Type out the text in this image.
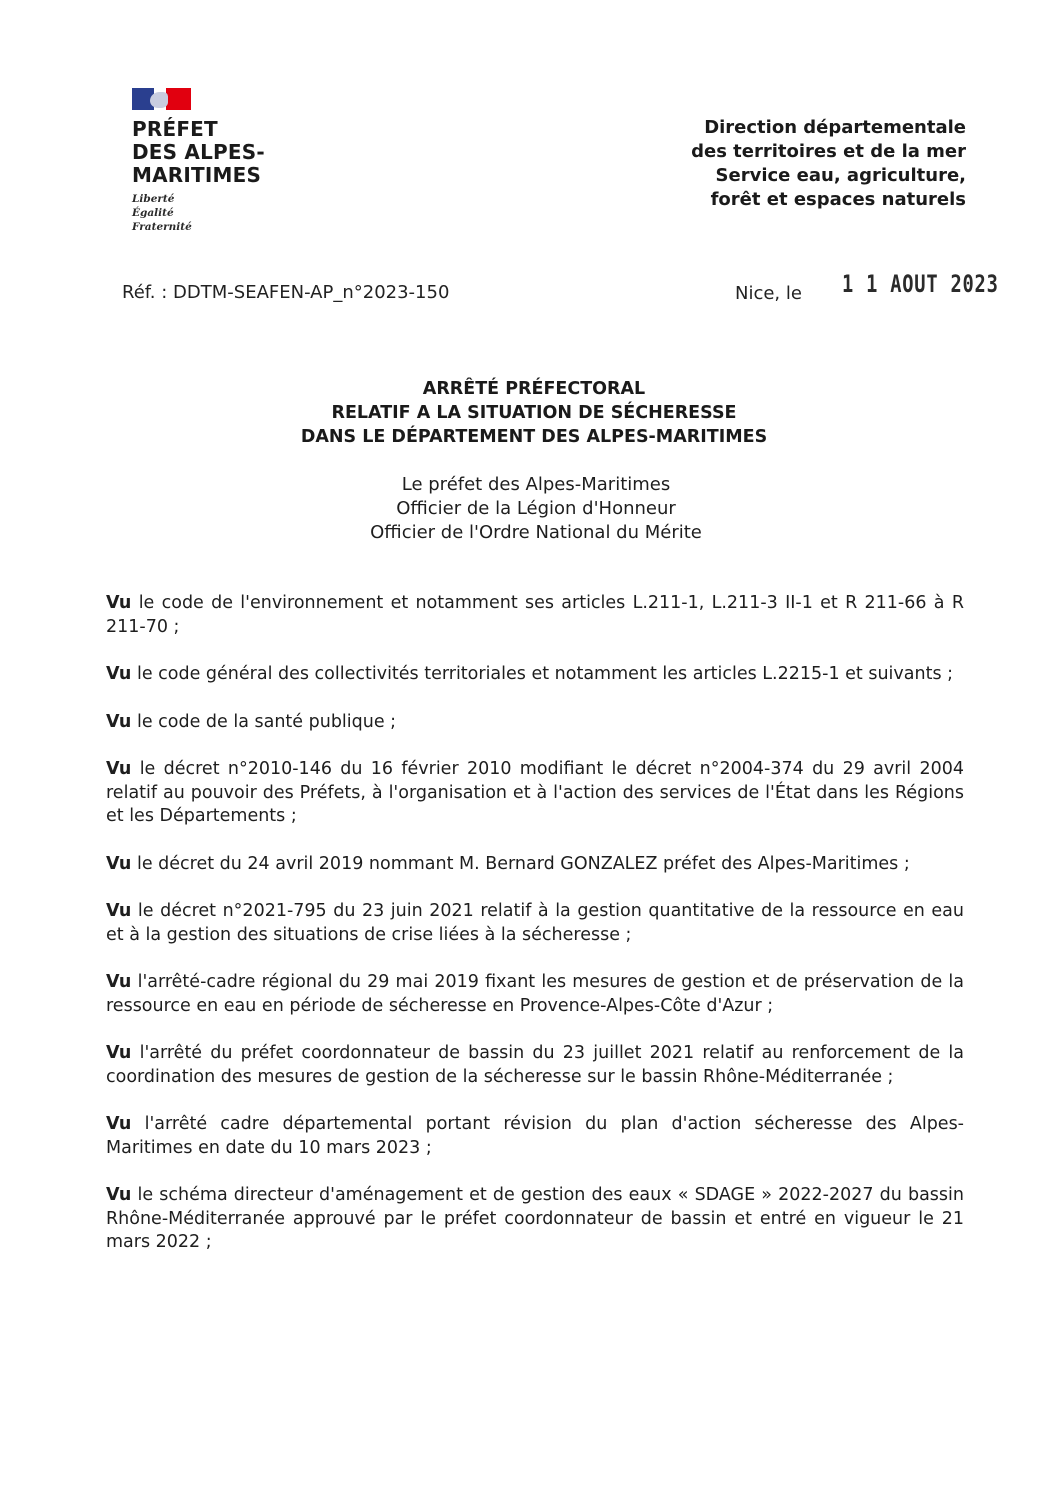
PRÉFET
DES ALPES-
MARITIMES
Liberté
Égalité
Fraternité
Direction départementale
des territoires et de la mer
Service eau, agriculture,
forêt et espaces naturels
Réf. : DDTM-SEAFEN-AP_n°2023-150	Nice, le 1 1 AOUT 2023
ARRÊTÉ PRÉFECTORAL
RELATIF A LA SITUATION DE SÉCHERESSE
DANS LE DÉPARTEMENT DES ALPES-MARITIMES
Le préfet des Alpes-Maritimes
Officier de la Légion d'Honneur
Officier de l'Ordre National du Mérite

Vu le code de l'environnement et notamment ses articles L.211-1, L.211-3 II-1 et R 211-66 à R 211-70 ;

Vu le code général des collectivités territoriales et notamment les articles L.2215-1 et suivants ;

Vu le code de la santé publique ;

Vu le décret n°2010-146 du 16 février 2010 modifiant le décret n°2004-374 du 29 avril 2004 relatif au pouvoir des Préfets, à l'organisation et à l'action des services de l'État dans les Régions et les Départements ;

Vu le décret du 24 avril 2019 nommant M. Bernard GONZALEZ préfet des Alpes-Maritimes ;

Vu le décret n°2021-795 du 23 juin 2021 relatif à la gestion quantitative de la ressource en eau et à la gestion des situations de crise liées à la sécheresse ;

Vu l'arrêté-cadre régional du 29 mai 2019 fixant les mesures de gestion et de préservation de la ressource en eau en période de sécheresse en Provence-Alpes-Côte d'Azur ;

Vu l'arrêté du préfet coordonnateur de bassin du 23 juillet 2021 relatif au renforcement de la coordination des mesures de gestion de la sécheresse sur le bassin Rhône-Méditerranée ;

Vu l'arrêté cadre départemental portant révision du plan d'action sécheresse des Alpes-Maritimes en date du 10 mars 2023 ;

Vu le schéma directeur d'aménagement et de gestion des eaux « SDAGE » 2022-2027 du bassin Rhône-Méditerranée approuvé par le préfet coordonnateur de bassin et entré en vigueur le 21 mars 2022 ;
